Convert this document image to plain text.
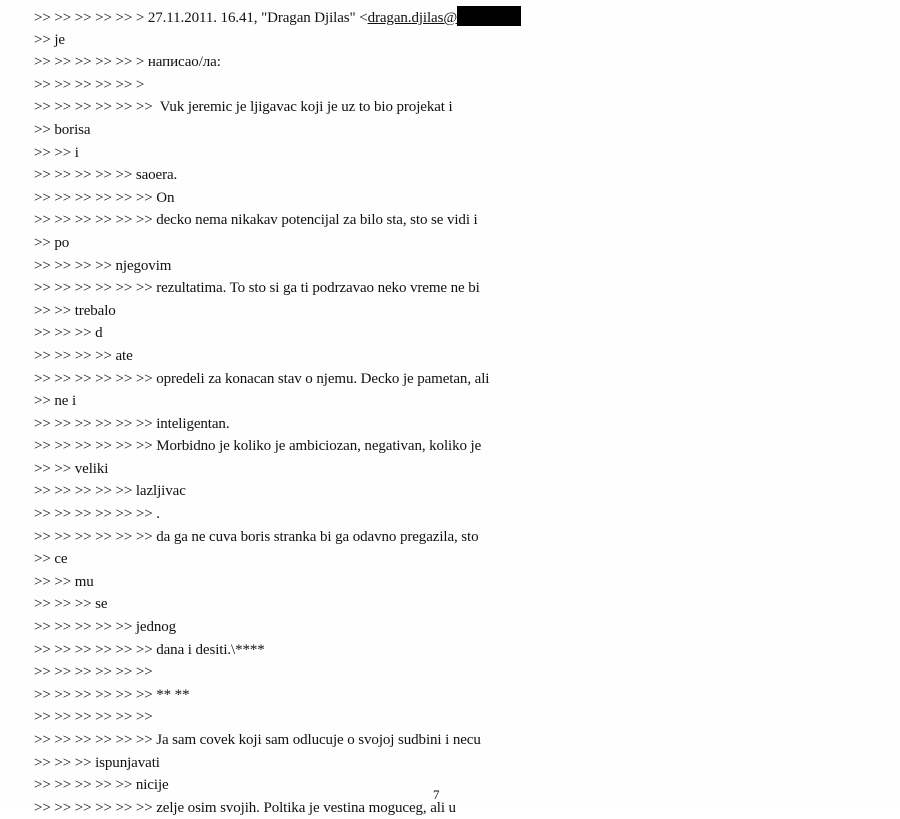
>> >> >> >> >> > 27.11.2011. 16.41, "Dragan Djilas" <dragan.djilas@
>> je
>> >> >> >> >> > написао/ла:
>> >> >> >> >> >
>> >> >> >> >> >>  Vuk jeremic je ljigavac koji je uz to bio projekat i
>> borisa
>> >> i
>> >> >> >> >> saoera.
>> >> >> >> >> >> On
>> >> >> >> >> >> decko nema nikakav potencijal za bilo sta, sto se vidi i
>> po
>> >> >> >> njegovim
>> >> >> >> >> >> rezultatima. To sto si ga ti podrzavao neko vreme ne bi
>> >> trebalo
>> >> >> d
>> >> >> >> ate
>> >> >> >> >> >> opredeli za konacan stav o njemu. Decko je pametan, ali
>> ne i
>> >> >> >> >> >> inteligentan.
>> >> >> >> >> >> Morbidno je koliko je ambiciozan, negativan, koliko je
>> >> veliki
>> >> >> >> >> lazljivac
>> >> >> >> >> >> .
>> >> >> >> >> >> da ga ne cuva boris stranka bi ga odavno pregazila, sto
>> ce
>> >> mu
>> >> >> se
>> >> >> >> >> jednog
>> >> >> >> >> >> dana i desiti.\****
>> >> >> >> >> >>
>> >> >> >> >> >> ** **
>> >> >> >> >> >>
>> >> >> >> >> >> Ja sam covek koji sam odlucuje o svojoj sudbini i necu
>> >> >> ispunjavati
>> >> >> >> >> nicije
>> >> >> >> >> >> zelje osim svojih. Poltika je vestina moguceg, ali u
7
